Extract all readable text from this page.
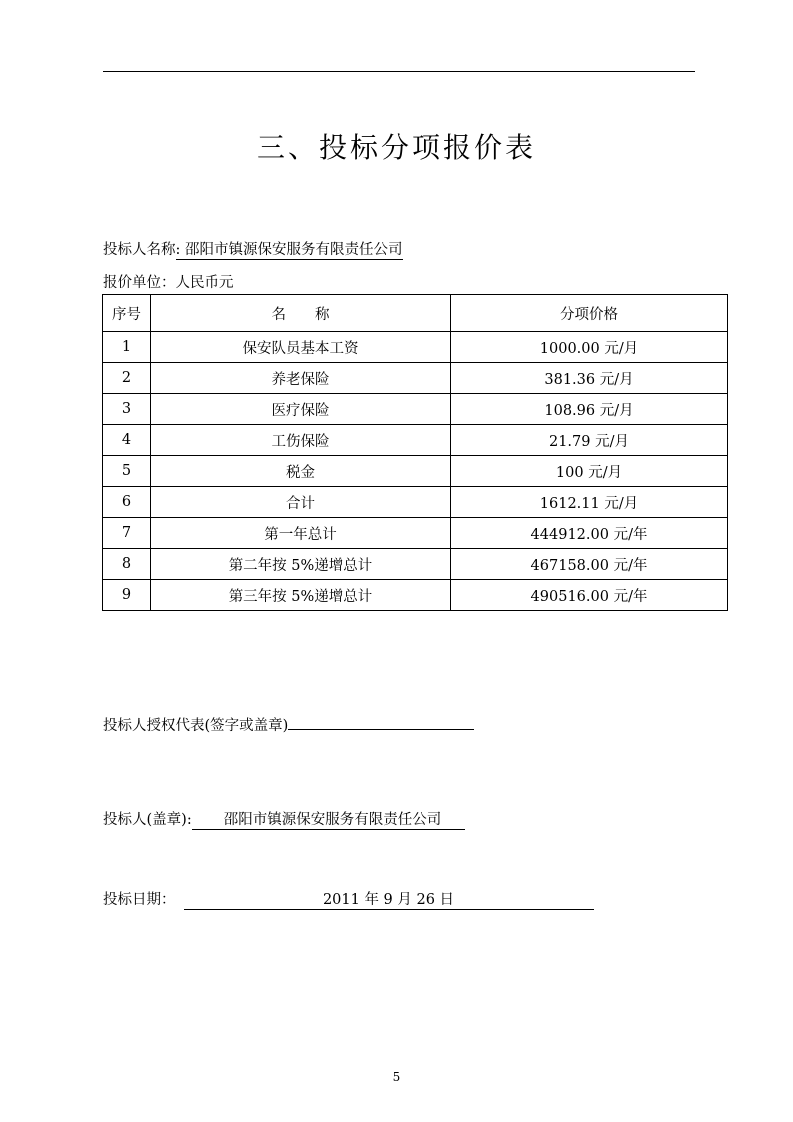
三、投标分项报价表
投标人名称: 邵阳市镇源保安服务有限责任公司
报价单位：人民币元
序号	名　　称	分项价格
1	保安队员基本工资	1000.00 元/月
2	养老保险	381.36 元/月
3	医疗保险	108.96 元/月
4	工伤保险	21.79 元/月
5	税金	100 元/月
6	合计	1612.11 元/月
7	第一年总计	444912.00 元/年
8	第二年按 5%递增总计	467158.00 元/年
9	第三年按 5%递增总计	490516.00 元/年
投标人授权代表(签字或盖章)
投标人(盖章): 邵阳市镇源保安服务有限责任公司
投标日期：	2011 年 9 月 26 日
5
